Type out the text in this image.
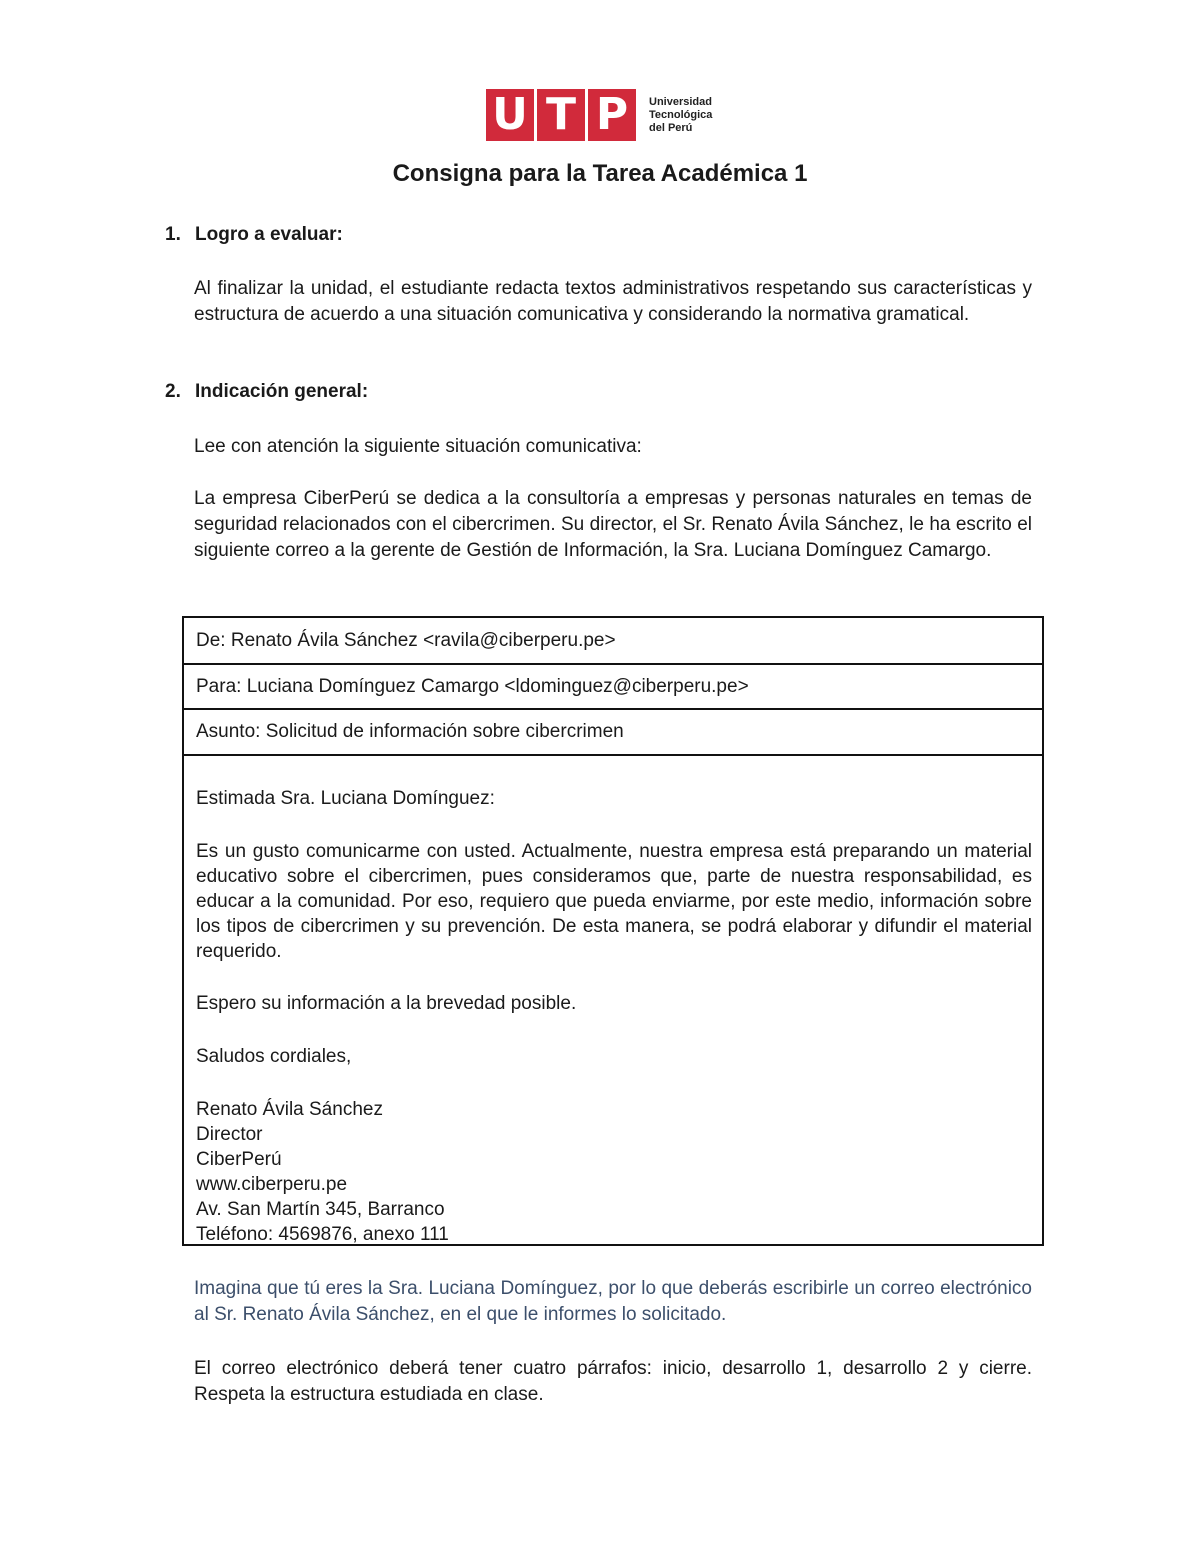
U T P	Universidad
Tecnológica
del Perú
Consigna para la Tarea Académica 1
1. Logro a evaluar:

Al finalizar la unidad, el estudiante redacta textos administrativos respetando sus características y estructura de acuerdo a una situación comunicativa y considerando la normativa gramatical.

2. Indicación general:

Lee con atención la siguiente situación comunicativa:

La empresa CiberPerú se dedica a la consultoría a empresas y personas naturales en temas de seguridad relacionados con el cibercrimen. Su director, el Sr. Renato Ávila Sánchez, le ha escrito el siguiente correo a la gerente de Gestión de Información, la Sra. Luciana Domínguez Camargo.

De: Renato Ávila Sánchez <ravila@ciberperu.pe>
Para: Luciana Domínguez Camargo <ldominguez@ciberperu.pe>
Asunto: Solicitud de información sobre cibercrimen

Estimada Sra. Luciana Domínguez:

Es un gusto comunicarme con usted. Actualmente, nuestra empresa está preparando un material educativo sobre el cibercrimen, pues consideramos que, parte de nuestra responsabilidad, es educar a la comunidad. Por eso, requiero que pueda enviarme, por este medio, información sobre los tipos de cibercrimen y su prevención. De esta manera, se podrá elaborar y difundir el material requerido.

Espero su información a la brevedad posible.

Saludos cordiales,

Renato Ávila Sánchez
Director
CiberPerú
www.ciberperu.pe
Av. San Martín 345, Barranco
Teléfono: 4569876, anexo 111

Imagina que tú eres la Sra. Luciana Domínguez, por lo que deberás escribirle un correo electrónico al Sr. Renato Ávila Sánchez, en el que le informes lo solicitado.

El correo electrónico deberá tener cuatro párrafos: inicio, desarrollo 1, desarrollo 2 y cierre. Respeta la estructura estudiada en clase.
